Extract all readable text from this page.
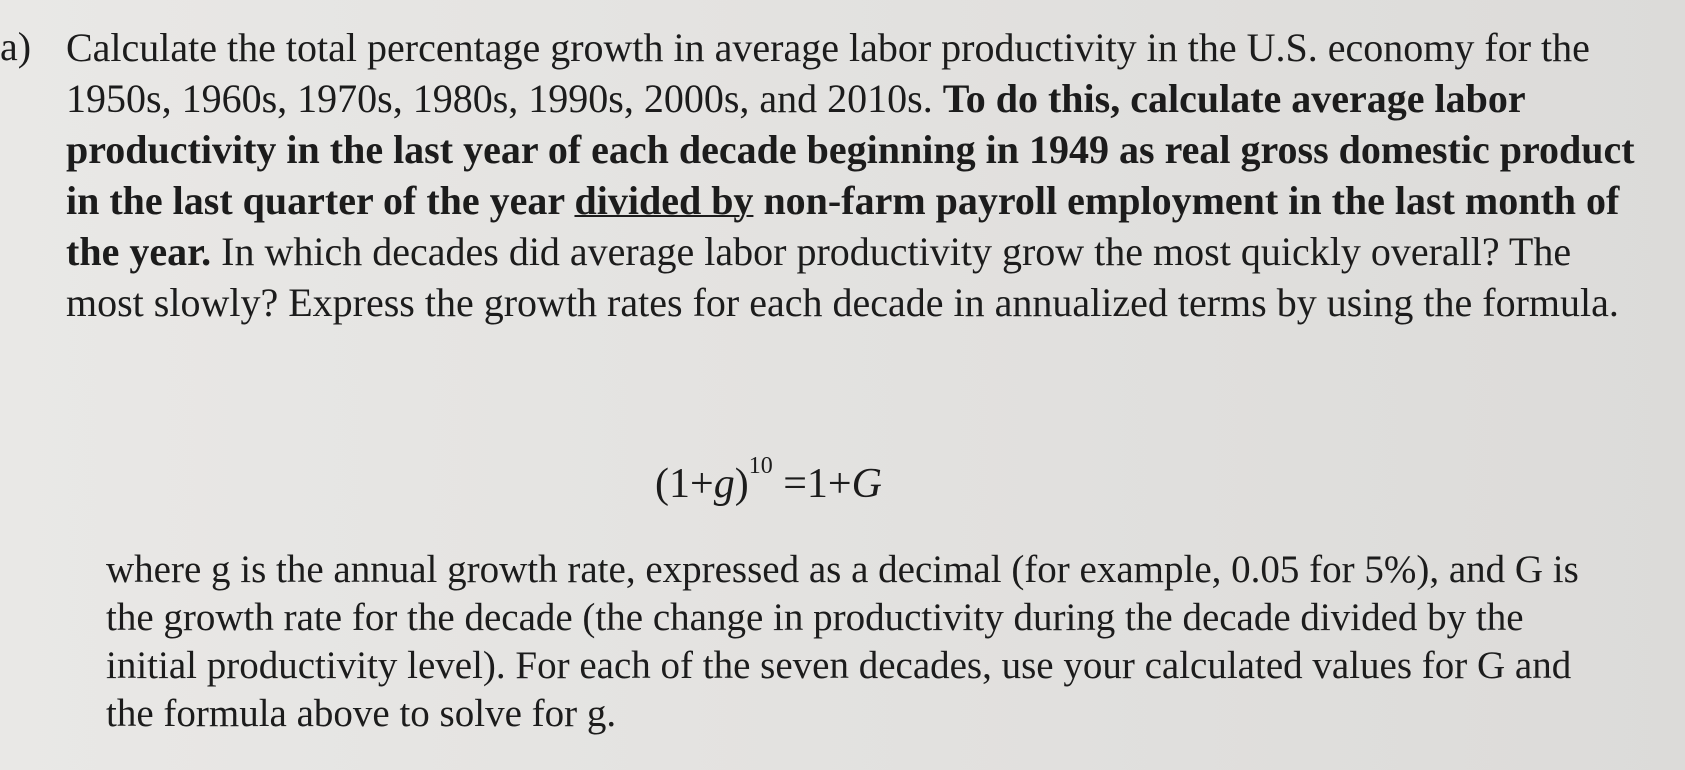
a) Calculate the total percentage growth in average labor productivity in the U.S. economy for the 1950s, 1960s, 1970s, 1980s, 1990s, 2000s, and 2010s. To do this, calculate average labor productivity in the last year of each decade beginning in 1949 as real gross domestic product in the last quarter of the year divided by non-farm payroll employment in the last month of the year. In which decades did average labor productivity grow the most quickly overall? The most slowly? Express the growth rates for each decade in annualized terms by using the formula.

$(1+g)^{10} =1+G$

where g is the annual growth rate, expressed as a decimal (for example, 0.05 for 5%), and G is the growth rate for the decade (the change in productivity during the decade divided by the initial productivity level). For each of the seven decades, use your calculated values for G and the formula above to solve for g.
